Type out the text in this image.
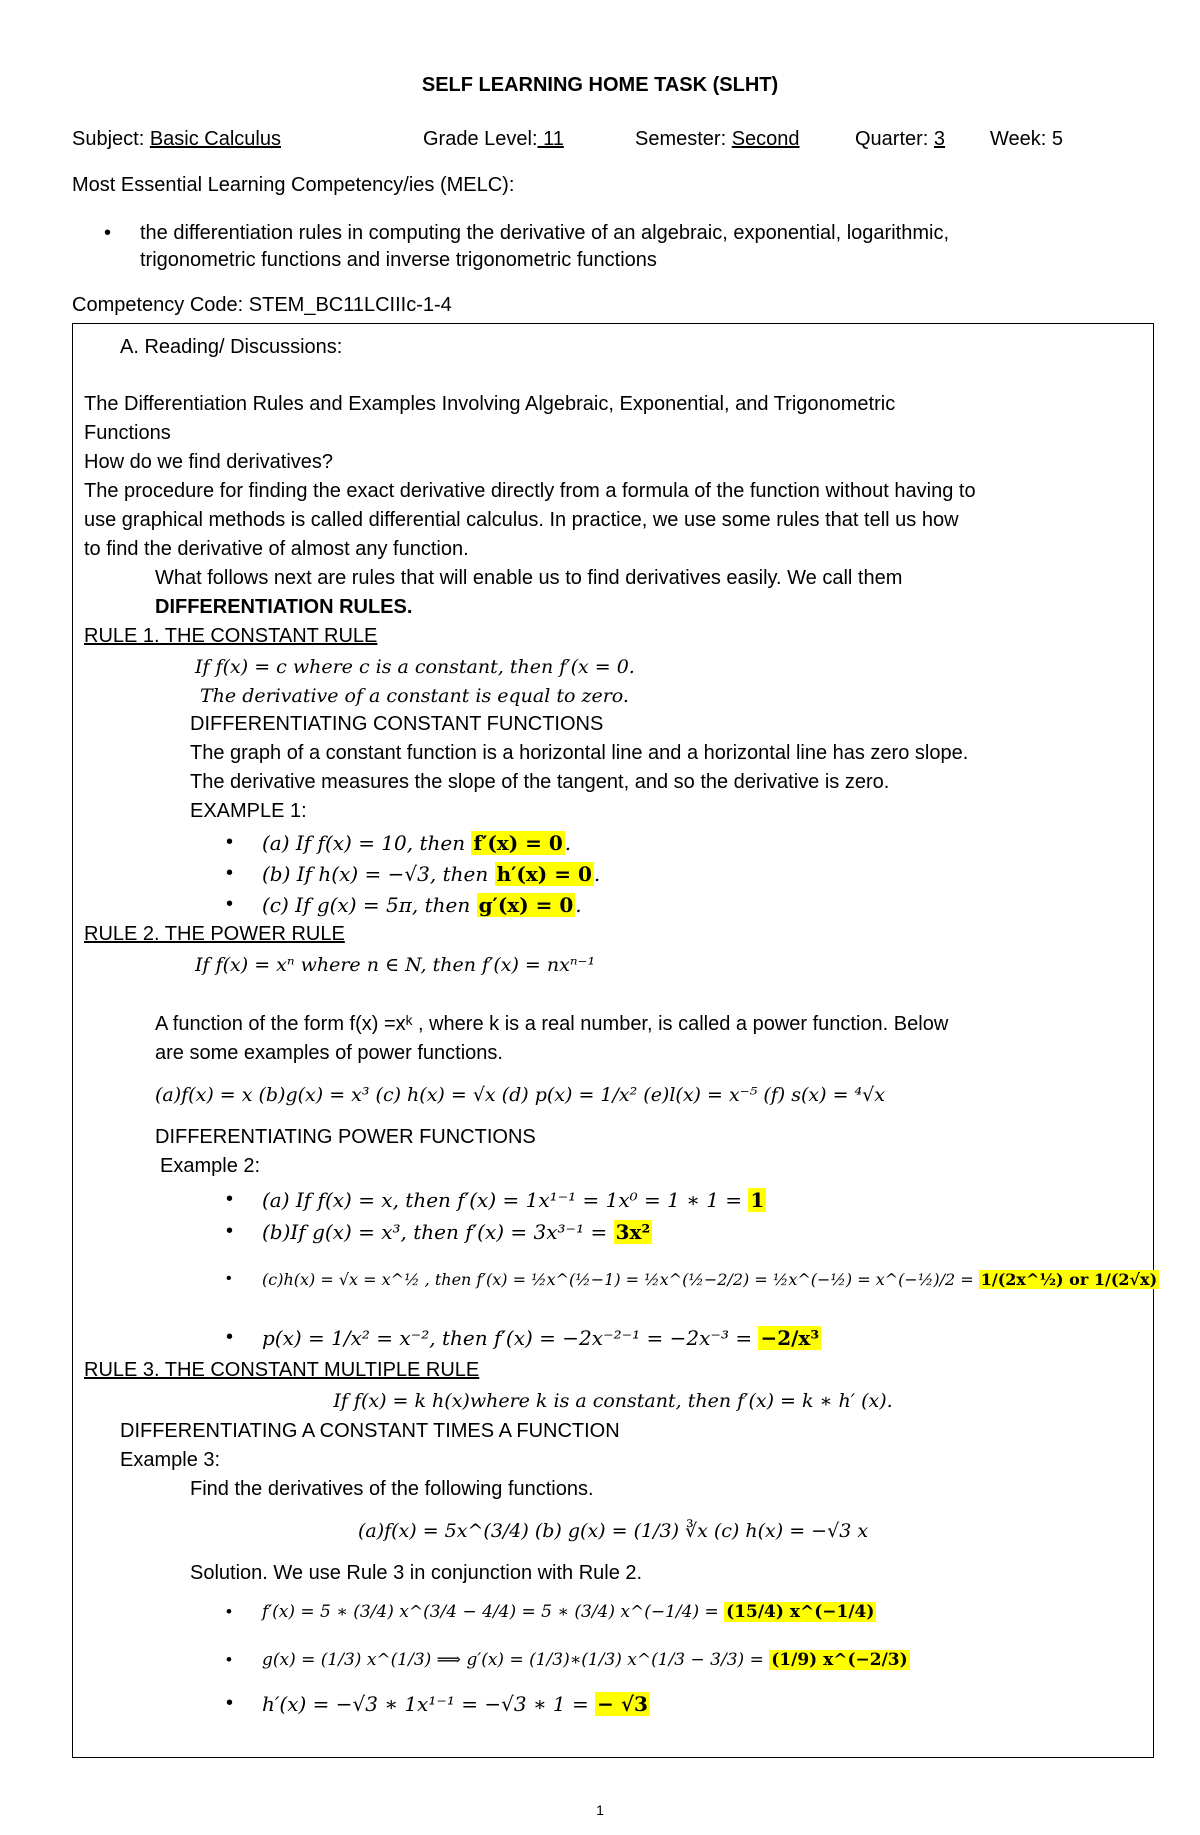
SELF LEARNING HOME TASK (SLHT)
Subject: Basic Calculus	Grade Level: 11	Semester: Second	Quarter: 3 Week: 5
Most Essential Learning Competency/ies (MELC):
• the differentiation rules in computing the derivative of an algebraic, exponential, logarithmic,
trigonometric functions and inverse trigonometric functions
Competency Code: STEM_BC11LCIIIc-1-4
A. Reading/ Discussions:
The Differentiation Rules and Examples Involving Algebraic, Exponential, and Trigonometric
Functions
How do we find derivatives?
The procedure for finding the exact derivative directly from a formula of the function without having to
use graphical methods is called differential calculus. In practice, we use some rules that tell us how
to find the derivative of almost any function.
What follows next are rules that will enable us to find derivatives easily. We call them
DIFFERENTIATION RULES.
RULE 1. THE CONSTANT RULE
If f(x) = c where c is a constant, then f′(x = 0.
The derivative of a constant is equal to zero.
DIFFERENTIATING CONSTANT FUNCTIONS
The graph of a constant function is a horizontal line and a horizontal line has zero slope.
The derivative measures the slope of the tangent, and so the derivative is zero.
EXAMPLE 1:
• (a) If f(x) = 10, then f′(x) = 0 .
• (b) If h(x) = −√3, then h′(x) = 0 .
• (c) If g(x) = 5π, then g′(x) = 0 .
RULE 2. THE POWER RULE
If f(x) = xⁿ where n ∈ N, then f′(x) = nxⁿ⁻¹
A function of the form f(x) =xᵏ , where k is a real number, is called a power function. Below
are some examples of power functions.
(a)f(x) = x (b)g(x) = x³ (c) h(x) = √x (d) p(x) = 1/x² (e)l(x) = x⁻⁵ (f) s(x) = ⁴√x
DIFFERENTIATING POWER FUNCTIONS
Example 2:
• (a) If f(x) = x, then f′(x) = 1x¹⁻¹ = 1x⁰ = 1 ∗ 1 = 1
• (b)If g(x) = x³, then f′(x) = 3x³⁻¹ = 3x²
• (c)h(x) = √x = x^½ , then f′(x) = ½x^(½−1) = ½x^(½−2/2) = ½x^(−½) = x^(−½)/2 = 1/(2x^½) or 1/(2√x)
• p(x) = 1/x² = x⁻², then f′(x) = −2x⁻²⁻¹ = −2x⁻³ = −2/x³
RULE 3. THE CONSTANT MULTIPLE RULE
If f(x) = k h(x)where k is a constant, then f′(x) = k ∗ h′ (x).
DIFFERENTIATING A CONSTANT TIMES A FUNCTION
Example 3:
Find the derivatives of the following functions.
(a)f(x) = 5x^(3/4) (b) g(x) = (1/3) ∛x (c) h(x) = −√3 x
Solution. We use Rule 3 in conjunction with Rule 2.
• f′(x) = 5 ∗ (3/4) x^(3/4 − 4/4) = 5 ∗ (3/4) x^(−1/4) = (15/4) x^(−1/4)
• g(x) = (1/3) x^(1/3) ⟹ g′(x) = (1/3)∗(1/3) x^(1/3 − 3/3) = (1/9) x^(−2/3)
• h′(x) = −√3 ∗ 1x¹⁻¹ = −√3 ∗ 1 = − √3
1
